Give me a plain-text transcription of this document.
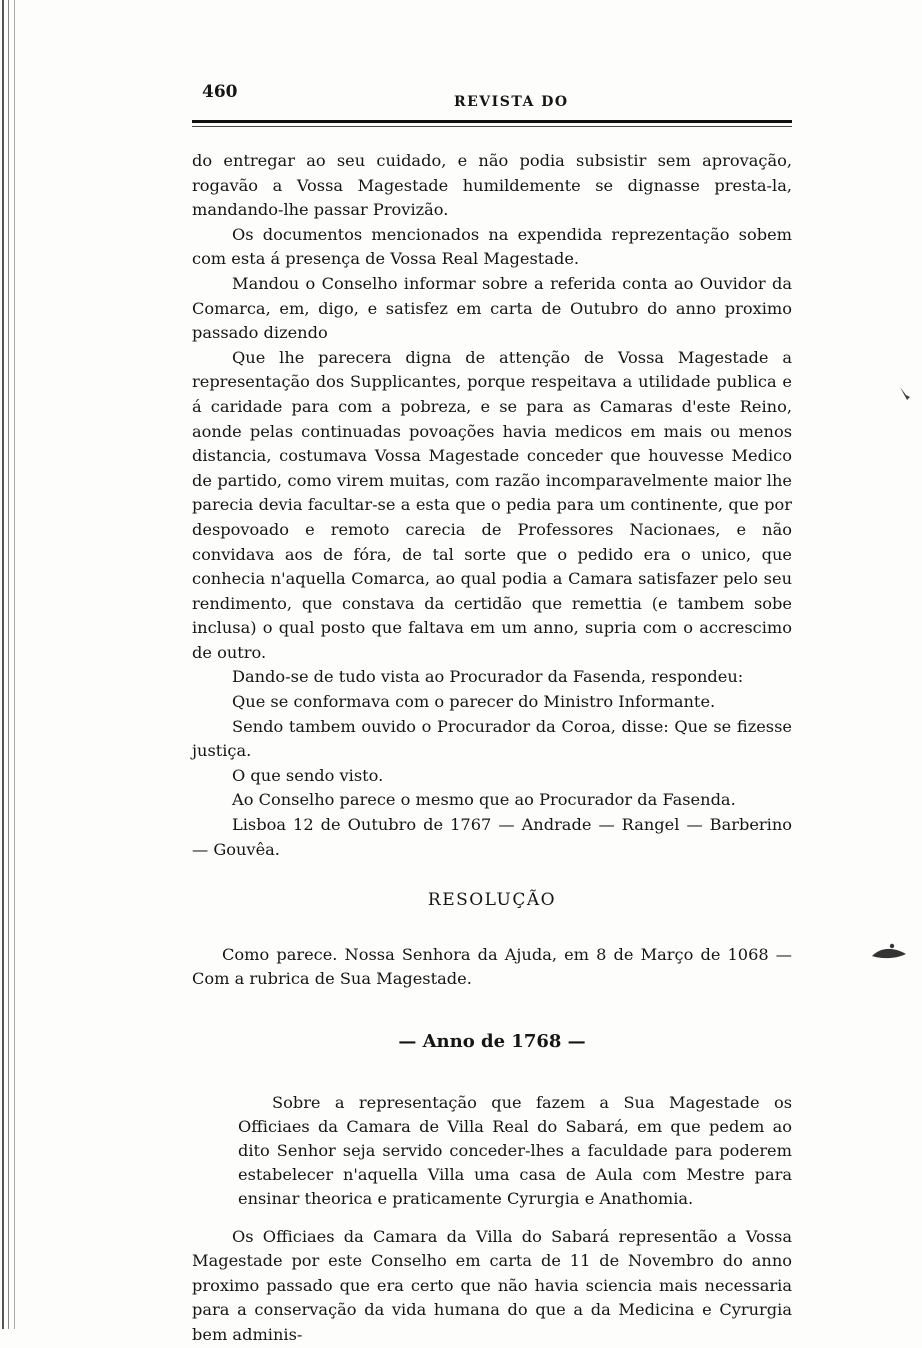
460	REVISTA DO

do entregar ao seu cuidado, e não podia subsistir sem aprovação, rogavão a Vossa Magestade humildemente se dignasse presta-la, mandando-lhe passar Provizão.

Os documentos mencionados na expendida reprezentação sobem com esta á presença de Vossa Real Magestade.

Mandou o Conselho informar sobre a referida conta ao Ouvidor da Comarca, em, digo, e satisfez em carta de Outubro do anno proximo passado dizendo

Que lhe parecera digna de attenção de Vossa Magestade a representação dos Supplicantes, porque respeitava a utilidade publica e á caridade para com a pobreza, e se para as Camaras d'este Reino, aonde pelas continuadas povoações havia medicos em mais ou menos distancia, costumava Vossa Magestade conceder que houvesse Medico de partido, como virem muitas, com razão incomparavelmente maior lhe parecia devia facultar-se a esta que o pedia para um continente, que por despovoado e remoto carecia de Professores Nacionaes, e não convidava aos de fóra, de tal sorte que o pedido era o unico, que conhecia n'aquella Comarca, ao qual podia a Camara satisfazer pelo seu rendimento, que constava da certidão que remettia (e tambem sobe inclusa) o qual posto que faltava em um anno, supria com o accrescimo de outro.

Dando-se de tudo vista ao Procurador da Fasenda, respondeu:

Que se conformava com o parecer do Ministro Informante.

Sendo tambem ouvido o Procurador da Coroa, disse: Que se fizesse justiça.

O que sendo visto.

Ao Conselho parece o mesmo que ao Procurador da Fasenda.

Lisboa 12 de Outubro de 1767 — Andrade — Rangel — Barberino — Gouvêa.

RESOLUÇÃO

Como parece. Nossa Senhora da Ajuda, em 8 de Março de 1068 — Com a rubrica de Sua Magestade.

— Anno de 1768 —

Sobre a representação que fazem a Sua Magestade os Officiaes da Camara de Villa Real do Sabará, em que pedem ao dito Senhor seja servido conceder-lhes a faculdade para poderem estabelecer n'aquella Villa uma casa de Aula com Mestre para ensinar theorica e praticamente Cyrurgia e Anathomia.

Os Officiaes da Camara da Villa do Sabará representão a Vossa Magestade por este Conselho em carta de 11 de Novembro do anno proximo passado que era certo que não havia sciencia mais necessaria para a conservação da vida humana do que a da Medicina e Cyrurgia bem adminis-
